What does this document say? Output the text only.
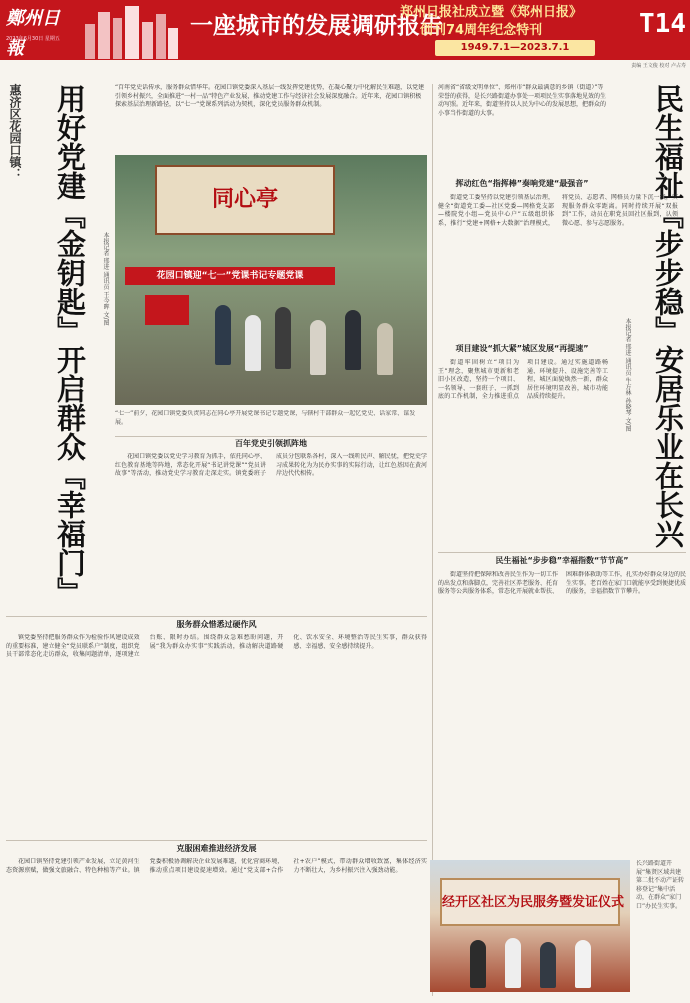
鄭州日報
2023年6月30日 星期五	一座城市的发展调研报告
郑州日报社成立暨《郑州日报》
创刊74周年纪念特刊
1949.7.1—2023.7.1
T14
责编 王文俊 校对 卢占寿
惠济区花园口镇：	用好党建『金钥匙』开启群众『幸福门』	本报记者 邢进 通讯员 王今晖 文/图
“百年党史话传承，服务群众惜华年。花园口镇党委深入基层一线发挥党建优势，在凝心聚力中化解民生难题，以党建引领乡村振兴，全面推进“一村一品”特色产业发展，推动党建工作与经济社会发展深度融合。近年来，花园口镇积极探索基层治理新路径，以“七一”党课系列活动为契机，深化党员服务群众机制。
同心亭
花园口镇迎“七一”党课书记专题党课
“七一”前夕，花园口镇党委负责同志在同心亭开展党课书记专题党课，与辖村干部群众一起忆党史、话家常、谋发展。
百年党史引领抓阵地
花园口镇党委以党史学习教育为抓手，依托同心亭、红色教育基地等阵地，常态化开展“书记讲党课”“党员讲故事”等活动，推动党史学习教育走深走实。镇党委班子成员分包联系各村，深入一线听民声、解民忧，把党史学习成果转化为为民办实事的实际行动，让红色基因在黄河岸边代代相传。
服务群众惜悉过硬作风
镇党委坚持把服务群众作为检验作风建设成效的重要标准，建立健全“党员联系户”制度，组织党员干部常态化走访群众，收集问题清单，逐项建立台账、限时办结。围绕群众急难愁盼问题，开展“我为群众办实事”实践活动，推动解决道路硬化、饮水安全、环境整治等民生实事，群众获得感、幸福感、安全感持续提升。
克服困难推进经济发展
花园口镇坚持党建引领产业发展，立足黄河生态资源禀赋，做强文旅融合、特色种植等产业。镇党委积极协调解决企业发展难题，优化营商环境，推动重点项目建设提速增效。通过“党支部+合作社+农户”模式，带动群众增收致富，集体经济实力不断壮大，为乡村振兴注入强劲动能。
河南省“省级文明单位”、郑州市“群众最满意的乡镇（街道）”等荣誉的获得，是长兴路街道办事处一项项民生实事落地见效的生动写照。近年来，街道坚持以人民为中心的发展思想，把群众的小事当作街道的大事。	民生福祉『步步稳』安居乐业在长兴
本报记者 邢进 通讯员 牛方林 孙晓琴 文/图
挥动红色“指挥棒”奏响党建“最强音”
街道党工委坚持以党建引领基层治理，健全“街道党工委—社区党委—网格党支部—楼院党小组—党员中心户”五级组织体系，推行“党建+网格+大数据”治理模式，将党员、志愿者、网格员力量下沉一线，实现服务群众零距离。同时持续开展“双报到”工作，动员在职党员回社区报到，认领微心愿、参与志愿服务。
项目建设“抓大紧”城区发展“再提速”
街道牢固树立“项目为王”理念，聚焦城市更新和老旧小区改造，坚持一个项目、一名领导、一套班子、一抓到底的工作机制，全力推进重点项目建设。通过实施道路畅通、环境提升、设施完善等工程，城区面貌焕然一新，群众居住环境明显改善，城市功能品质持续提升。
民生福祉“步步稳”幸福指数“节节高”
街道坚持把保障和改善民生作为一切工作的出发点和落脚点，完善社区养老服务、托育服务等公共服务体系，常态化开展就业帮扶、困难群体救助等工作，扎实办好群众身边的民生实事。老百姓在家门口就能享受到便捷优质的服务，幸福指数节节攀升。
经开区社区为民服务暨发证仪式
长兴路街道开展“集贤区域共建第二批不动产证转移登记”集中活动，在群众“家门口”办民生实事。
